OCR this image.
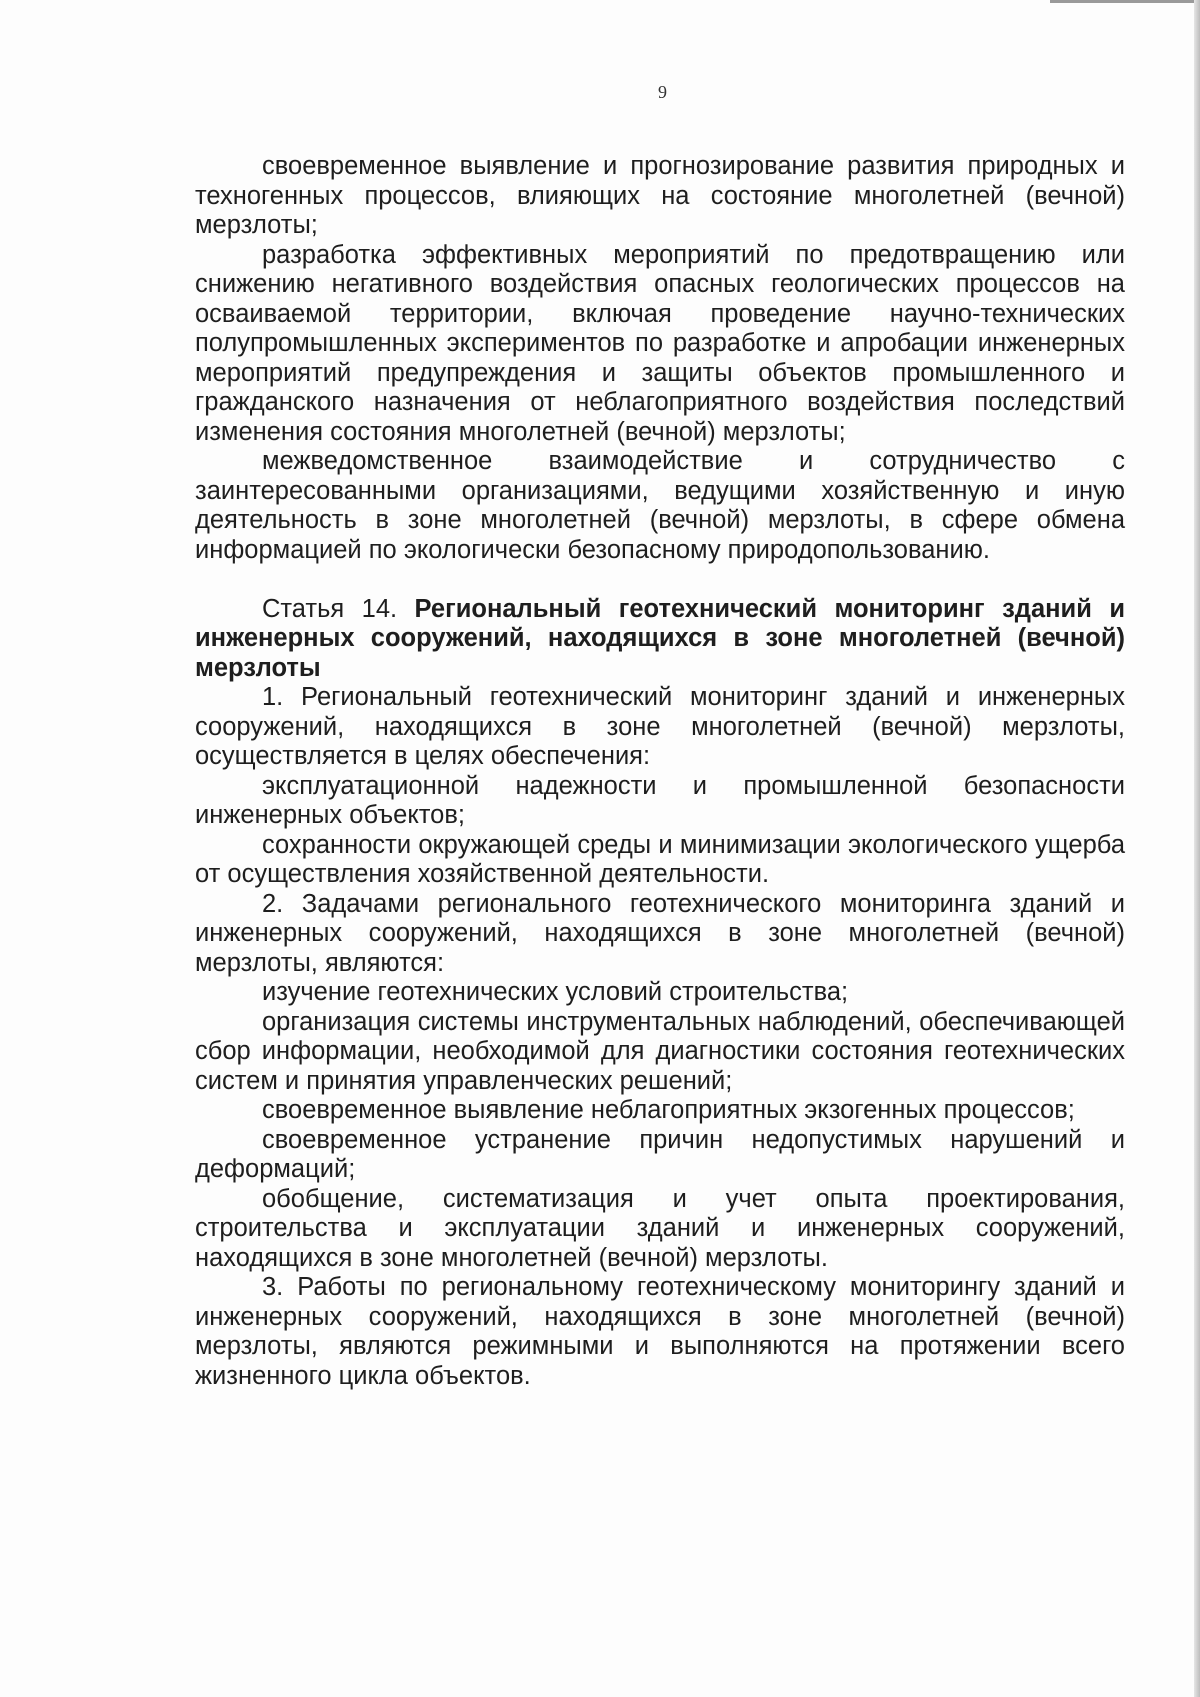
9

своевременное выявление и прогнозирование развития природных и техногенных процессов, влияющих на состояние многолетней (вечной) мерзлоты;

разработка эффективных мероприятий по предотвращению или снижению негативного воздействия опасных геологических процессов на осваиваемой территории, включая проведение научно-технических полупромышленных экспериментов по разработке и апробации инженерных мероприятий предупреждения и защиты объектов промышленного и гражданского назначения от неблагоприятного воздействия последствий изменения состояния многолетней (вечной) мерзлоты;

межведомственное взаимодействие и сотрудничество с заинтересованными организациями, ведущими хозяйственную и иную деятельность в зоне многолетней (вечной) мерзлоты, в сфере обмена информацией по экологически безопасному природопользованию.

Статья 14. Региональный геотехнический мониторинг зданий и инженерных сооружений, находящихся в зоне многолетней (вечной) мерзлоты

1. Региональный геотехнический мониторинг зданий и инженерных сооружений, находящихся в зоне многолетней (вечной) мерзлоты, осуществляется в целях обеспечения:

эксплуатационной надежности и промышленной безопасности инженерных объектов;

сохранности окружающей среды и минимизации экологического ущерба от осуществления хозяйственной деятельности.

2. Задачами регионального геотехнического мониторинга зданий и инженерных сооружений, находящихся в зоне многолетней (вечной) мерзлоты, являются:

изучение геотехнических условий строительства;

организация системы инструментальных наблюдений, обеспечивающей сбор информации, необходимой для диагностики состояния геотехнических систем и принятия управленческих решений;

своевременное выявление неблагоприятных экзогенных процессов;

своевременное устранение причин недопустимых нарушений и деформаций;

обобщение, систематизация и учет опыта проектирования, строительства и эксплуатации зданий и инженерных сооружений, находящихся в зоне многолетней (вечной) мерзлоты.

3. Работы по региональному геотехническому мониторингу зданий и инженерных сооружений, находящихся в зоне многолетней (вечной) мерзлоты, являются режимными и выполняются на протяжении всего жизненного цикла объектов.
